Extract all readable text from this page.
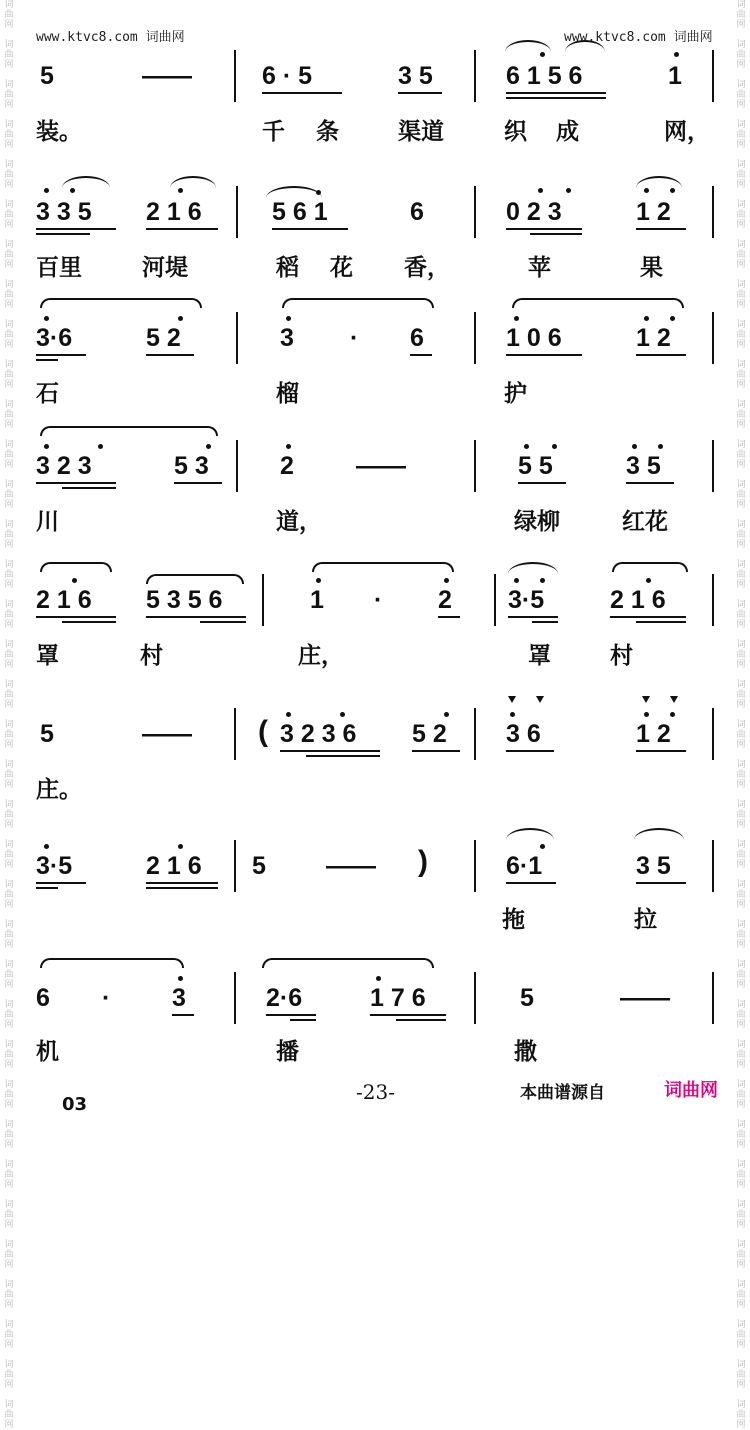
词
曲
网

词
曲
网

词
曲
网

词
曲
网

词
曲
网

词
曲
网

词
曲
网

词
曲
网

词
曲
网

词
曲
网

词
曲
网

词
曲
网

词
曲
网

词
曲
网

词
曲
网

词
曲
网

词
曲
网

词
曲
网

词
曲
网

词
曲
网

词
曲
网

词
曲
网

词
曲
网

词
曲
网

词
曲
网

词
曲
网

词
曲
网

词
曲
网

词
曲
网

词
曲
网

词
曲
网

词
曲
网

词
曲
网

词
曲
网

词
曲
网

词
曲
网

词
曲
网

词
曲
网

词
曲
网

词
曲
网

词
曲
网

词
曲
网

词
曲
网

词
曲
网

词
曲
网

词
曲
网

词
曲
网

词
曲
网

词
曲
网

词
曲
网

词
曲
网

词
曲
网

词
曲
网

词
曲
网

词
曲
网

词
曲
网

词
曲
网

词
曲
网

词
曲
网

词
曲
网

词
曲
网

词
曲
网

词
曲
网

词
曲
网

词
曲
网

词
曲
网

词
曲
网

词
曲
网

词
曲
网

词
曲
网

词
曲
网

词
曲
网

www.ktvc8.com 词曲网	www.ktvc8.com 词曲网
5	——	6 · 5	3 5	6 1 5 6	1
装。	千 条	渠道	织 成	网，
3 3 5 2 1 6	5 6 1	6	0 2 3	1 2
百里	河堤	稻 花 香，	苹	果
3·6	5 2	3 · 6	1 0 6	1 2
石	榴	护
3 2 3	5 3	2 ——	5 5	3 5
川	道，	绿柳	红花
2 1 6 5 3 5 6	1 · 2 3·5	2 1 6
罩	村	庄，	罩	村
5	—— ( 3 2 3 6 5 2 3 6	1 2
庄。
3·5	2 1 6 5 —— )	6·1	3 5
拖	拉
6 · 3	2·6	1 7 6	5	——
机	播	撒
03
-23-	本曲谱源自	词曲网
